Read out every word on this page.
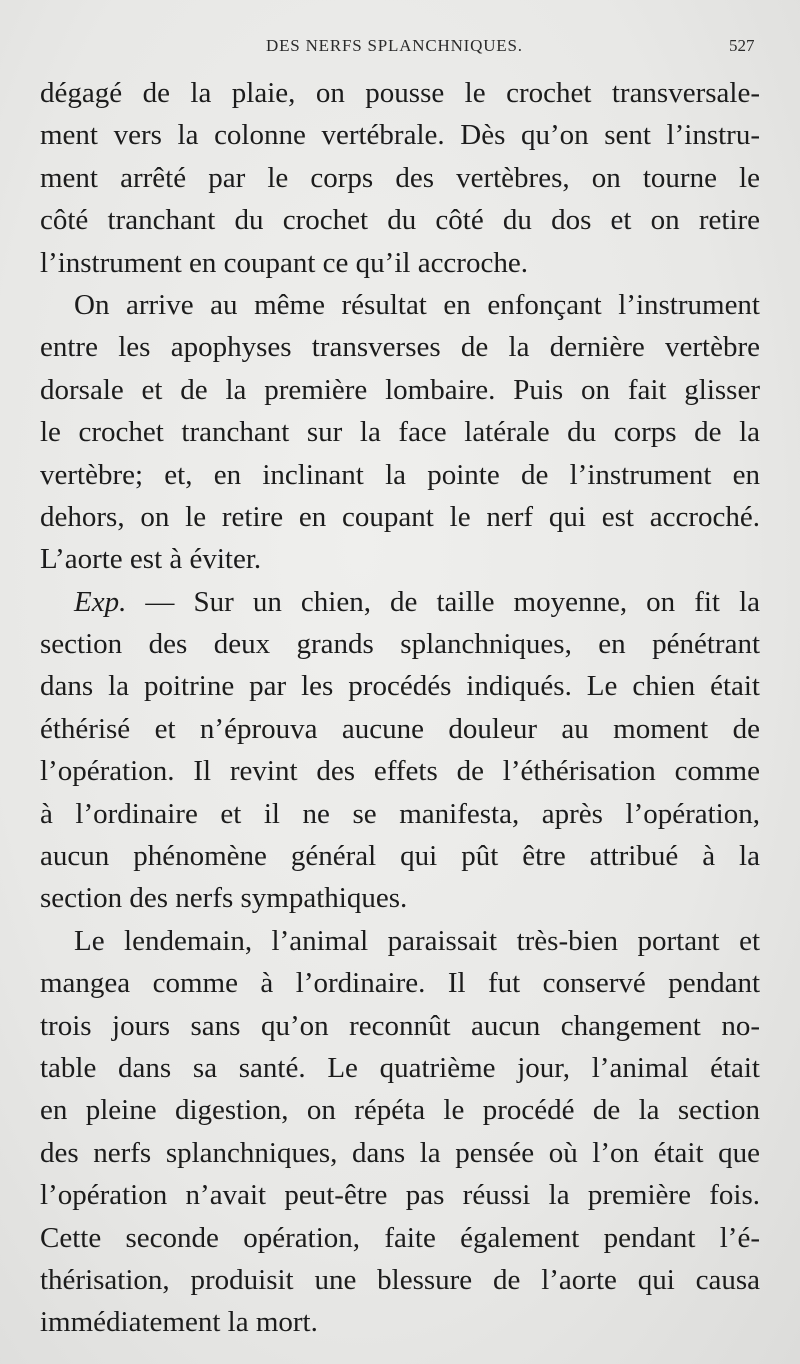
DES NERFS SPLANCHNIQUES.	527
dégagé de la plaie, on pousse le crochet transversale-
ment vers la colonne vertébrale. Dès qu’on sent l’instru-
ment arrêté par le corps des vertèbres, on tourne le
côté tranchant du crochet du côté du dos et on retire
l’instrument en coupant ce qu’il accroche.
On arrive au même résultat en enfonçant l’instrument
entre les apophyses transverses de la dernière vertèbre
dorsale et de la première lombaire. Puis on fait glisser
le crochet tranchant sur la face latérale du corps de la
vertèbre; et, en inclinant la pointe de l’instrument en
dehors, on le retire en coupant le nerf qui est accroché.
L’aorte est à éviter.
Exp. — Sur un chien, de taille moyenne, on fit la
section des deux grands splanchniques, en pénétrant
dans la poitrine par les procédés indiqués. Le chien était
éthérisé et n’éprouva aucune douleur au moment de
l’opération. Il revint des effets de l’éthérisation comme
à l’ordinaire et il ne se manifesta, après l’opération,
aucun phénomène général qui pût être attribué à la
section des nerfs sympathiques.
Le lendemain, l’animal paraissait très-bien portant et
mangea comme à l’ordinaire. Il fut conservé pendant
trois jours sans qu’on reconnût aucun changement no-
table dans sa santé. Le quatrième jour, l’animal était
en pleine digestion, on répéta le procédé de la section
des nerfs splanchniques, dans la pensée où l’on était que
l’opération n’avait peut-être pas réussi la première fois.
Cette seconde opération, faite également pendant l’é-
thérisation, produisit une blessure de l’aorte qui causa
immédiatement la mort.
